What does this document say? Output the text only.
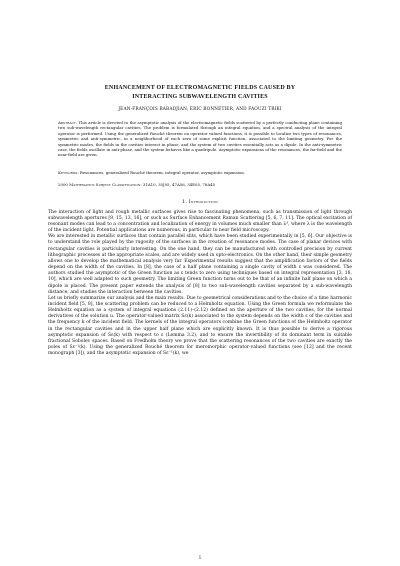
ENHANCEMENT OF ELECTROMAGNETIC FIELDS CAUSED BY
INTERACTING SUBWAVELENGTH CAVITIES
JEAN-FRANÇOIS BABADJIAN, ERIC BONNETIER, AND FAOUZI TRIKI
Abstract. This article is devoted to the asymptotic analysis of the electromagnetic fields scattered by a perfectly conducting plane containing two sub-wavelength rectangular cavities. The problem is formulated through an integral equation, and a spectral analysis of the integral operator is performed. Using the generalized Rouché theorem on operator valued functions, it is possible to localize two types of resonances, symmetric and anti-symmetric, in a neighborhood of each zero of some explicit function, associated to the limiting geometry. For the symmetric modes, the fields in the cavities interact in phase, and the system of two cavities essentially acts as a dipole. In the anti-symmetric case, the fields oscillate in anti-phase, and the system behaves like a quadripole. Asymptotic expansions of the resonances, the far-field and the near-field are given.
Keywords: Resonances, generalized Rouché theorem, integral operator, asymptotic expansion.
2000 Mathematics Subject Classification: 31A10, 35J05, 47A56, 34E05, 78A45
1. Introduction

The interaction of light and rough metallic surfaces gives rise to fascinating phenomena, such as transmission of light through subwavelength apertures [9, 15, 13, 16], or such as Surface Enhancement Raman Scattering [5, 6, 7, 11]. The optical excitation of resonant modes can lead to a concentration and localization of energy in volumes much smaller than λ³, where λ is the wavelength of the incident light. Potential applications are numerous, in particular to near field microscopy.

We are interested in metallic surfaces that contain parallel slits, which have been studied experimentally in [5, 6]. Our objective is to understand the role played by the rugosity of the surfaces in the creation of resonance modes. The case of planar devices with rectangular cavities is particularly interesting. On the one hand, they can be manufactured with controlled precision by current lithographic processes at the appropriate scales, and are widely used in opto-electronics. On the other hand, their simple geometry allows one to develop the mathematical analysis very far. Experimental results suggest that the amplification factors of the fields depend on the width of the cavities. In [8], the case of a half plane containing a single cavity of width ε was considered. The authors studied the asymptotic of the Green function as ε tends to zero using techniques based on integral representation [3, 18, 10], which are well adapted to such geometry. The limiting Green function turns out to be that of an infinite half plane on which a dipole is placed. The present paper extends the analysis of [8] to two sub-wavelength cavities separated by a sub-wavelength distance, and studies the interaction between the cavities.

Let us briefly summarize our analysis and the main results. Due to geometrical considerations and to the choice of a time harmonic incident field [5, 8], the scattering problem can be reduced to a Helmholtz equation. Using the Green formula we reformulate the Helmholtz equation as a system of integral equations (2.11)–(2.12) defined on the aperture of the two cavities, for the normal derivatives of the solution u. The operator-valued matrix Sε(k) associated to the system depends on the width ε of the cavities and the frequency k of the incident field. The kernels of the integral operators combine the Green functions of the Helmholtz operator in the rectangular cavities and in the upper half plane which are explicitly known. It is thus possible to derive a rigorous asymptotic expansion of Sε(k) with respect to ε (Lemma 3.2), and to ensure the invertibility of its dominant term in suitable fractional Sobolev spaces. Based on Fredholm theory we prove that the scattering resonances of the two cavities are exactly the poles of Sε⁻¹(k). Using the generalized Rouché theorem for meromorphic operator-valued functions (see [12] and the recent monograph [3]), and the asymptotic expansion of Sε⁻¹(k), we

1
